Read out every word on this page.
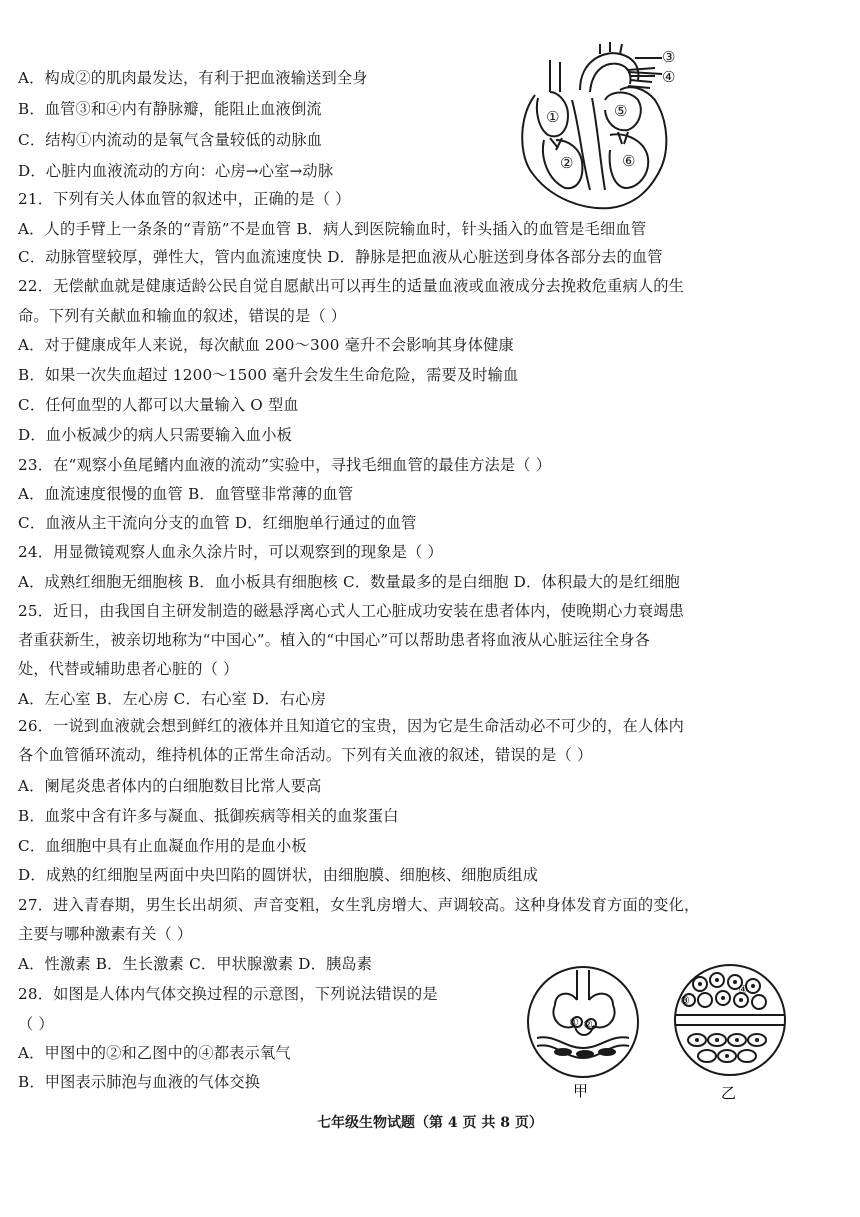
A．构成②的肌肉最发达，有利于把血液输送到全身
B．血管③和④内有静脉瓣，能阻止血液倒流
C．结构①内流动的是氧气含量较低的动脉血
D．心脏内血液流动的方向：心房→心室→动脉
21．下列有关人体血管的叙述中，正确的是（ ）
A．人的手臂上一条条的“青筋”不是血管 B．病人到医院输血时，针头插入的血管是毛细血管
C．动脉管壁较厚，弹性大，管内血流速度快 D．静脉是把血液从心脏送到身体各部分去的血管
22．无偿献血就是健康适龄公民自觉自愿献出可以再生的适量血液或血液成分去挽救危重病人的生
命。下列有关献血和输血的叙述，错误的是（ ）
A．对于健康成年人来说，每次献血 200～300 毫升不会影响其身体健康
B．如果一次失血超过 1200～1500 毫升会发生生命危险，需要及时输血
C．任何血型的人都可以大量输入 O 型血
D．血小板减少的病人只需要输入血小板
23．在“观察小鱼尾鳍内血液的流动”实验中，寻找毛细血管的最佳方法是（ ）
A．血流速度很慢的血管 B．血管壁非常薄的血管
C．血液从主干流向分支的血管 D．红细胞单行通过的血管
24．用显微镜观察人血永久涂片时，可以观察到的现象是（ ）
A．成熟红细胞无细胞核 B．血小板具有细胞核 C．数量最多的是白细胞 D．体积最大的是红细胞
25．近日，由我国自主研发制造的磁悬浮离心式人工心脏成功安装在患者体内，使晚期心力衰竭患
者重获新生，被亲切地称为“中国心”。植入的“中国心”可以帮助患者将血液从心脏运往全身各
处，代替或辅助患者心脏的（ ）
A．左心室 B．左心房 C．右心室 D．右心房
26．一说到血液就会想到鲜红的液体并且知道它的宝贵，因为它是生命活动必不可少的，在人体内
各个血管循环流动，维持机体的正常生命活动。下列有关血液的叙述，错误的是（ ）
A．阑尾炎患者体内的白细胞数目比常人要高
B．血浆中含有许多与凝血、抵御疾病等相关的血浆蛋白
C．血细胞中具有止血凝血作用的是血小板
D．成熟的红细胞呈两面中央凹陷的圆饼状，由细胞膜、细胞核、细胞质组成
27．进入青春期，男生长出胡须、声音变粗，女生乳房增大、声调较高。这种身体发育方面的变化，
主要与哪种激素有关（ ）
A．性激素 B．生长激素 C．甲状腺激素 D．胰岛素
28．如图是人体内气体交换过程的示意图，下列说法错误的是
（ ）
A．甲图中的②和乙图中的④都表示氧气
B．甲图表示肺泡与血液的气体交换
①
②
③
④
⑤
⑥
① ②
③
④
甲	乙
七年级生物试题（第 4 页 共 8 页）
